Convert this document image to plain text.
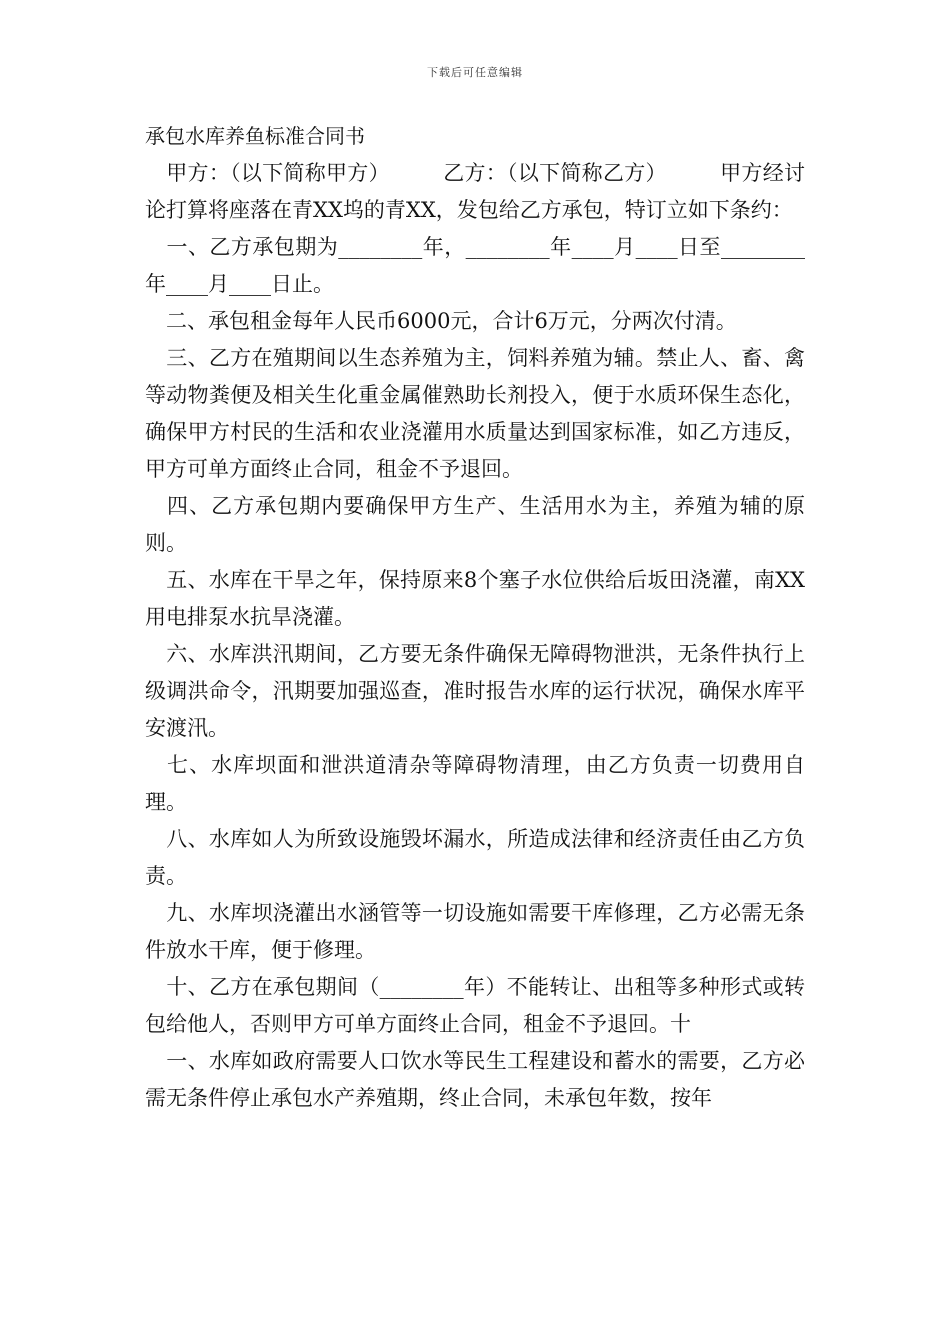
下载后可任意编辑
承包水库养鱼标准合同书

　甲方：（以下简称甲方）　　　乙方：（以下简称乙方）　　　甲方经讨论打算将座落在青XX坞的青XX，发包给乙方承包，特订立如下条约：

　一、乙方承包期为________年，________年____月____日至________年____月____日止。

　二、承包租金每年人民币6000元，合计6万元，分两次付清。

　三、乙方在殖期间以生态养殖为主，饲料养殖为辅。禁止人、畜、禽等动物粪便及相关生化重金属催熟助长剂投入，便于水质环保生态化，确保甲方村民的生活和农业浇灌用水质量达到国家标准，如乙方违反，甲方可单方面终止合同，租金不予退回。

　四、乙方承包期内要确保甲方生产、生活用水为主，养殖为辅的原则。

　五、水库在干旱之年，保持原来8个塞子水位供给后坂田浇灌，南XX用电排泵水抗旱浇灌。

　六、水库洪汛期间，乙方要无条件确保无障碍物泄洪，无条件执行上级调洪命令，汛期要加强巡查，准时报告水库的运行状况，确保水库平安渡汛。

　七、水库坝面和泄洪道清杂等障碍物清理，由乙方负责一切费用自理。

　八、水库如人为所致设施毁坏漏水，所造成法律和经济责任由乙方负责。

　九、水库坝浇灌出水涵管等一切设施如需要干库修理，乙方必需无条件放水干库，便于修理。

　十、乙方在承包期间（________年）不能转让、出租等多种形式或转包给他人，否则甲方可单方面终止合同，租金不予退回。十

　一、水库如政府需要人口饮水等民生工程建设和蓄水的需要，乙方必需无条件停止承包水产养殖期，终止合同，未承包年数，按年
